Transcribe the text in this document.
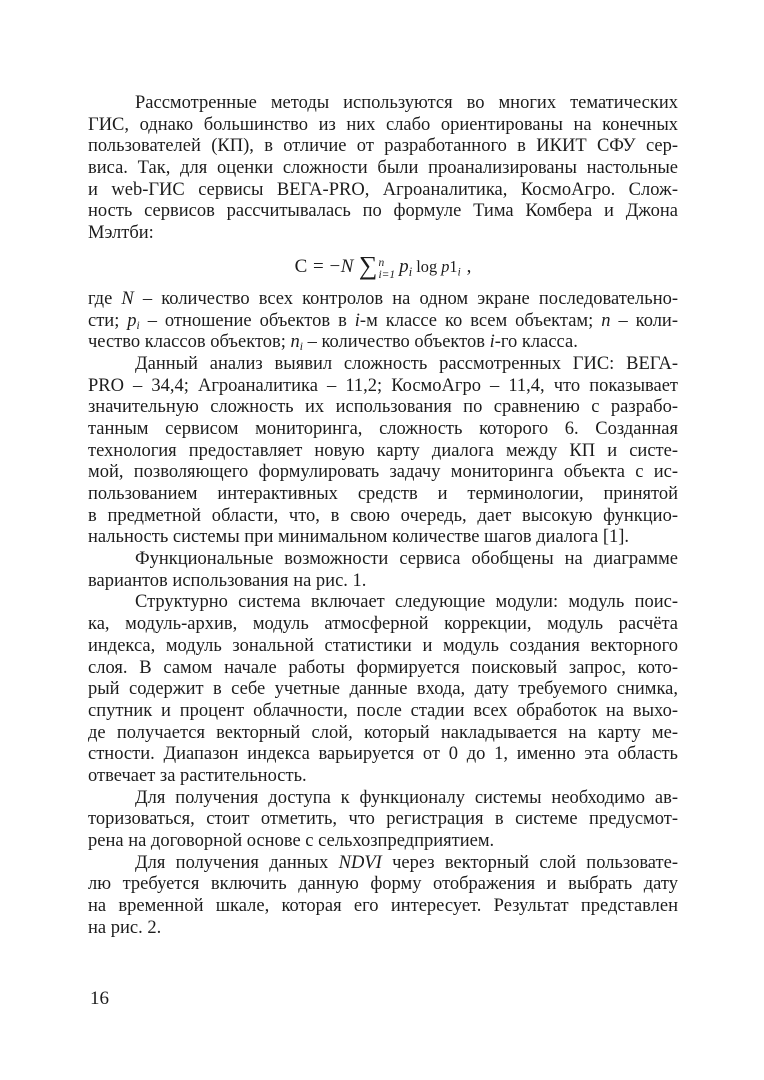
Рассмотренные методы используются во многих тематических
ГИС, однако большинство из них слабо ориентированы на конечных
пользователей (КП), в отличие от разработанного в ИКИТ СФУ сер-
виса. Так, для оценки сложности были проанализированы настольные
и web-ГИС сервисы ВЕГА-PRO, Агроаналитика, КосмоАгро. Слож-
ность сервисов рассчитывалась по формуле Тима Комбера и Джона
Мэлтби:
C = −N ∑ n
i=1 $p_i$ $\log p1_i$ ,
где N – количество всех контролов на одном экране последовательно-
сти; $p_i$ – отношение объектов в i-м классе ко всем объектам; n – коли-
чество классов объектов; $n_i$ – количество объектов i-го класса.
Данный анализ выявил сложность рассмотренных ГИС: ВЕГА-
PRO – 34,4; Агроаналитика – 11,2; КосмоАгро – 11,4, что показывает
значительную сложность их использования по сравнению с разрабо-
танным сервисом мониторинга, сложность которого 6. Созданная
технология предоставляет новую карту диалога между КП и систе-
мой, позволяющего формулировать задачу мониторинга объекта с ис-
пользованием интерактивных средств и терминологии, принятой
в предметной области, что, в свою очередь, дает высокую функцио-
нальность системы при минимальном количестве шагов диалога [1].
Функциональные возможности сервиса обобщены на диаграмме
вариантов использования на рис. 1.
Структурно система включает следующие модули: модуль поис-
ка, модуль-архив, модуль атмосферной коррекции, модуль расчёта
индекса, модуль зональной статистики и модуль создания векторного
слоя. В самом начале работы формируется поисковый запрос, кото-
рый содержит в себе учетные данные входа, дату требуемого снимка,
спутник и процент облачности, после стадии всех обработок на выхо-
де получается векторный слой, который накладывается на карту ме-
стности. Диапазон индекса варьируется от 0 до 1, именно эта область
отвечает за растительность.
Для получения доступа к функционалу системы необходимо ав-
торизоваться, стоит отметить, что регистрация в системе предусмот-
рена на договорной основе с сельхозпредприятием.
Для получения данных NDVI через векторный слой пользовате-
лю требуется включить данную форму отображения и выбрать дату
на временной шкале, которая его интересует. Результат представлен
на рис. 2.
16
